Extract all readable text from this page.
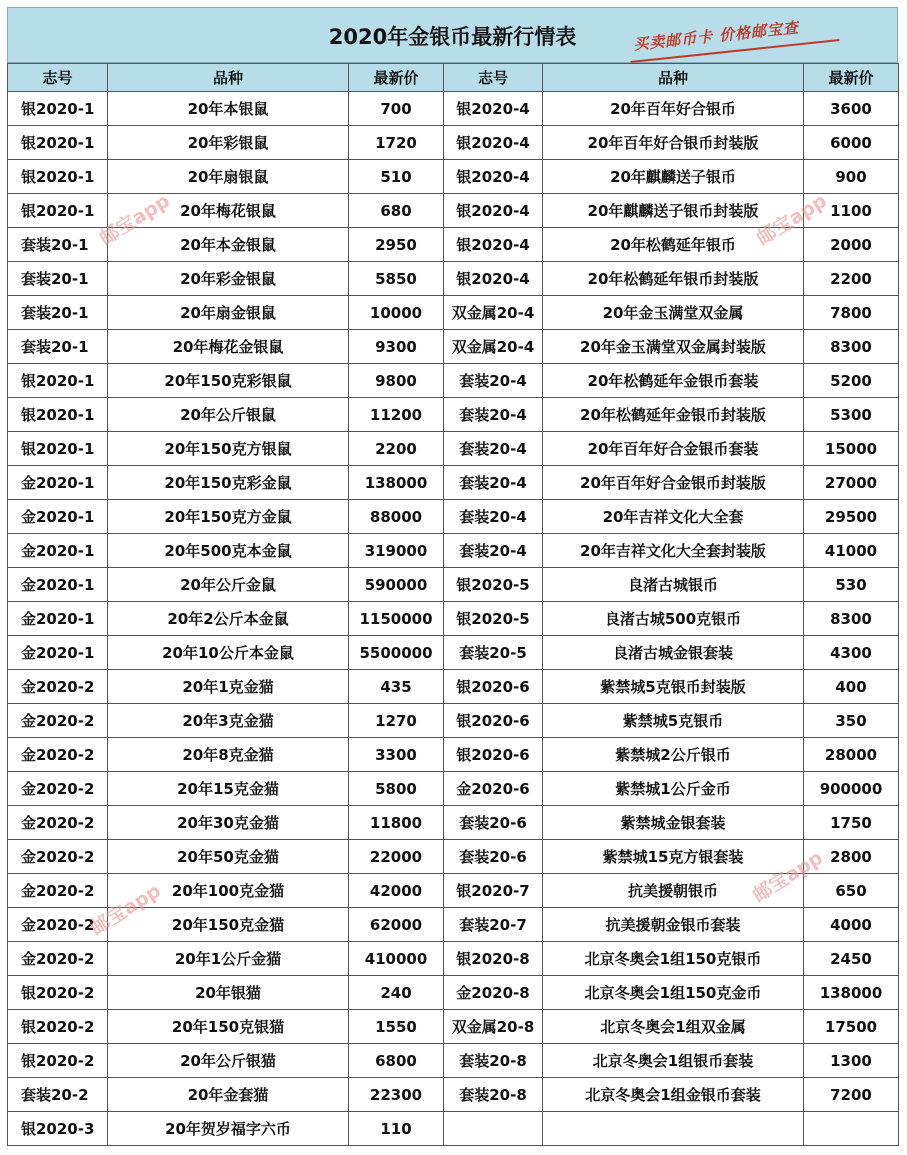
2020年金银币最新行情表	买卖邮币卡 价格邮宝查
志号	品种	最新价	志号	品种	最新价
银2020-1	20年本银鼠	700	银2020-4	20年百年好合银币	3600
银2020-1	20年彩银鼠	1720	银2020-4	20年百年好合银币封装版	6000
银2020-1	20年扇银鼠	510	银2020-4	20年麒麟送子银币	900
银2020-1	20年梅花银鼠	680	银2020-4	20年麒麟送子银币封装版	1100
套装20-1	20年本金银鼠	2950	银2020-4	20年松鹤延年银币	2000
套装20-1	20年彩金银鼠	5850	银2020-4	20年松鹤延年银币封装版	2200
套装20-1	20年扇金银鼠	10000	双金属20-4	20年金玉满堂双金属	7800
套装20-1	20年梅花金银鼠	9300	双金属20-4	20年金玉满堂双金属封装版	8300
银2020-1	20年150克彩银鼠	9800	套装20-4	20年松鹤延年金银币套装	5200
银2020-1	20年公斤银鼠	11200	套装20-4	20年松鹤延年金银币封装版	5300
银2020-1	20年150克方银鼠	2200	套装20-4	20年百年好合金银币套装	15000
金2020-1	20年150克彩金鼠	138000	套装20-4	20年百年好合金银币封装版	27000
金2020-1	20年150克方金鼠	88000	套装20-4	20年吉祥文化大全套	29500
金2020-1	20年500克本金鼠	319000	套装20-4	20年吉祥文化大全套封装版	41000
金2020-1	20年公斤金鼠	590000	银2020-5	良渚古城银币	530
金2020-1	20年2公斤本金鼠	1150000	银2020-5	良渚古城500克银币	8300
金2020-1	20年10公斤本金鼠	5500000	套装20-5	良渚古城金银套装	4300
金2020-2	20年1克金猫	435	银2020-6	紫禁城5克银币封装版	400
金2020-2	20年3克金猫	1270	银2020-6	紫禁城5克银币	350
金2020-2	20年8克金猫	3300	银2020-6	紫禁城2公斤银币	28000
金2020-2	20年15克金猫	5800	金2020-6	紫禁城1公斤金币	900000
金2020-2	20年30克金猫	11800	套装20-6	紫禁城金银套装	1750
金2020-2	20年50克金猫	22000	套装20-6	紫禁城15克方银套装	2800
金2020-2	20年100克金猫	42000	银2020-7	抗美援朝银币	650
金2020-2	20年150克金猫	62000	套装20-7	抗美援朝金银币套装	4000
金2020-2	20年1公斤金猫	410000	银2020-8	北京冬奥会1组150克银币	2450
银2020-2	20年银猫	240	金2020-8	北京冬奥会1组150克金币	138000
银2020-2	20年150克银猫	1550	双金属20-8	北京冬奥会1组双金属	17500
银2020-2	20年公斤银猫	6800	套装20-8	北京冬奥会1组银币套装	1300
套装20-2	20年金套猫	22300	套装20-8	北京冬奥会1组金银币套装	7200
银2020-3	20年贺岁福字六币	110			
邮宝app	邮宝app
邮宝app
邮宝app
